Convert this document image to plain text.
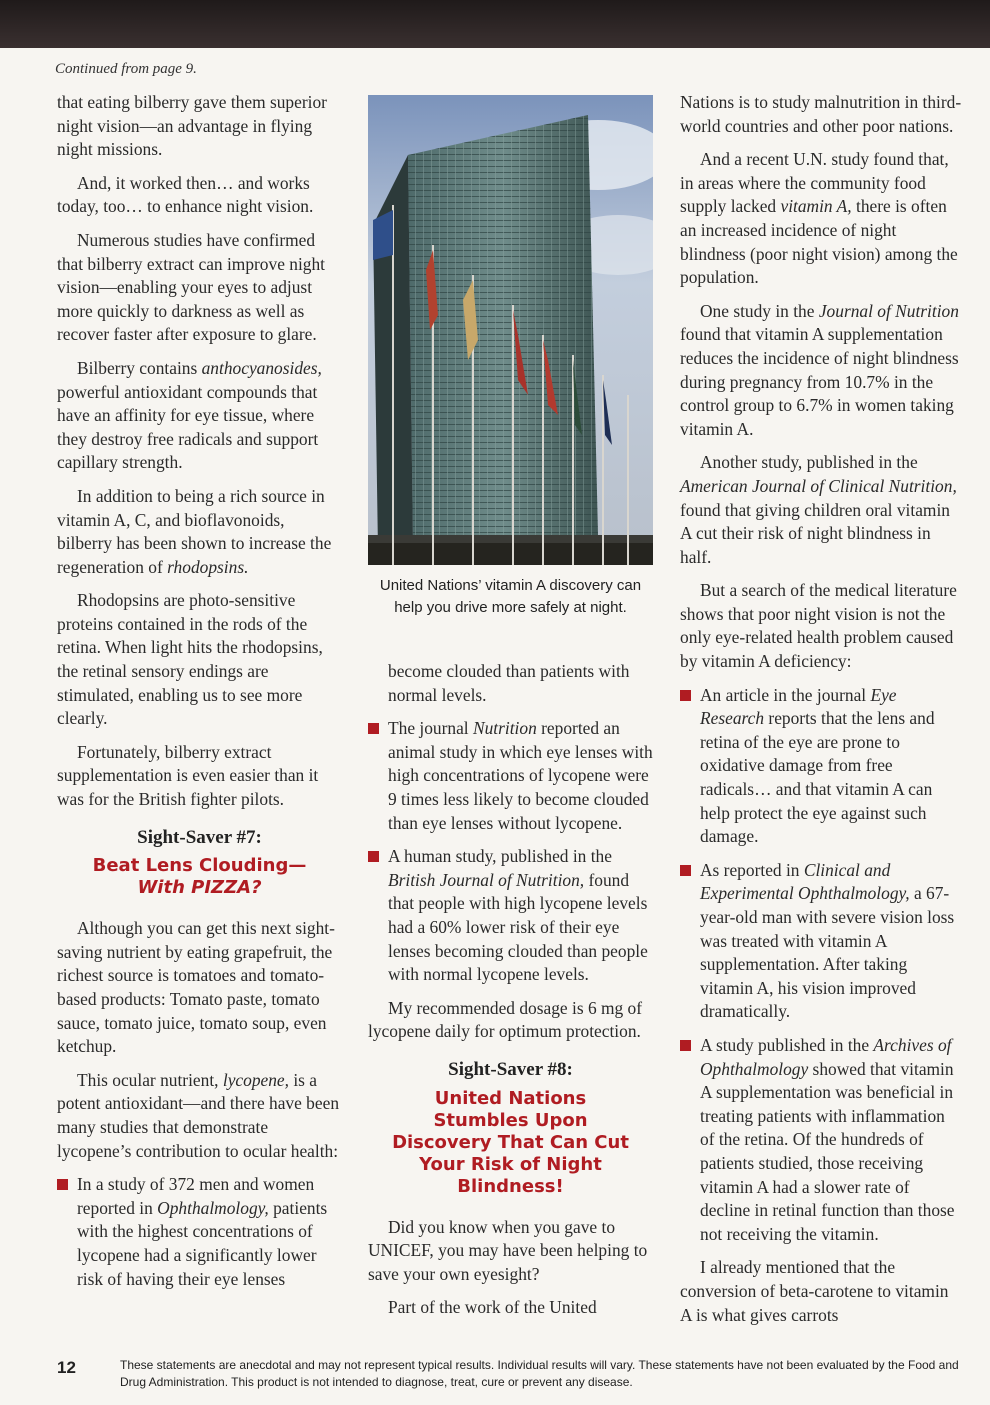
Continued from page 9.

that eating bilberry gave them superior night vision—an advantage in flying night missions.

And, it worked then… and works today, too… to enhance night vision.

Numerous studies have confirmed that bilberry extract can improve night vision—enabling your eyes to adjust more quickly to darkness as well as recover faster after exposure to glare.

Bilberry contains anthocyanosides, powerful antioxidant compounds that have an affinity for eye tissue, where they destroy free radicals and support capillary strength.

In addition to being a rich source in vitamin A, C, and bioflavonoids, bilberry has been shown to increase the regeneration of rhodopsins.

Rhodopsins are photo-sensitive proteins contained in the rods of the retina. When light hits the rhodopsins, the retinal sensory endings are stimulated, enabling us to see more clearly.

Fortunately, bilberry extract supplementation is even easier than it was for the British fighter pilots.

Sight-Saver #7:
Beat Lens Clouding—
With PIZZA?

Although you can get this next sight-saving nutrient by eating grapefruit, the richest source is tomatoes and tomato-based products: Tomato paste, tomato sauce, tomato juice, tomato soup, even ketchup.

This ocular nutrient, lycopene, is a potent antioxidant—and there have been many studies that demonstrate lycopene’s contribution to ocular health:

In a study of 372 men and women reported in Ophthalmology, patients with the highest concentrations of lycopene had a significantly lower risk of having their eye lenses
United Nations’ vitamin A discovery can help you drive more safely at night.

become clouded than patients with normal levels.

The journal Nutrition reported an animal study in which eye lenses with high concentrations of lycopene were 9 times less likely to become clouded than eye lenses without lycopene.
A human study, published in the British Journal of Nutrition, found that people with high lycopene levels had a 60% lower risk of their eye lenses becoming clouded than people with normal lycopene levels.

My recommended dosage is 6 mg of lycopene daily for optimum protection.

Sight-Saver #8:
United Nations Stumbles Upon Discovery That Can Cut Your Risk of Night Blindness!

Did you know when you gave to UNICEF, you may have been helping to save your own eyesight?

Part of the work of the United

Nations is to study malnutrition in third-world countries and other poor nations.

And a recent U.N. study found that, in areas where the community food supply lacked vitamin A, there is often an increased incidence of night blindness (poor night vision) among the population.

One study in the Journal of Nutrition found that vitamin A supplementation reduces the incidence of night blindness during pregnancy from 10.7% in the control group to 6.7% in women taking vitamin A.

Another study, published in the American Journal of Clinical Nutrition, found that giving children oral vitamin A cut their risk of night blindness in half.

But a search of the medical literature shows that poor night vision is not the only eye-related health problem caused by vitamin A deficiency:

An article in the journal Eye Research reports that the lens and retina of the eye are prone to oxidative damage from free radicals… and that vitamin A can help protect the eye against such damage.
As reported in Clinical and Experimental Ophthalmology, a 67-year-old man with severe vision loss was treated with vitamin A supplementation. After taking vitamin A, his vision improved dramatically.
A study published in the Archives of Ophthalmology showed that vitamin A supplementation was beneficial in treating patients with inflammation of the retina. Of the hundreds of patients studied, those receiving vitamin A had a slower rate of decline in retinal function than those not receiving the vitamin.

I already mentioned that the conversion of beta-carotene to vitamin A is what gives carrots

12	These statements are anecdotal and may not represent typical results. Individual results will vary. These statements have not been evaluated by the Food and Drug Administration. This product is not intended to diagnose, treat, cure or prevent any disease.
